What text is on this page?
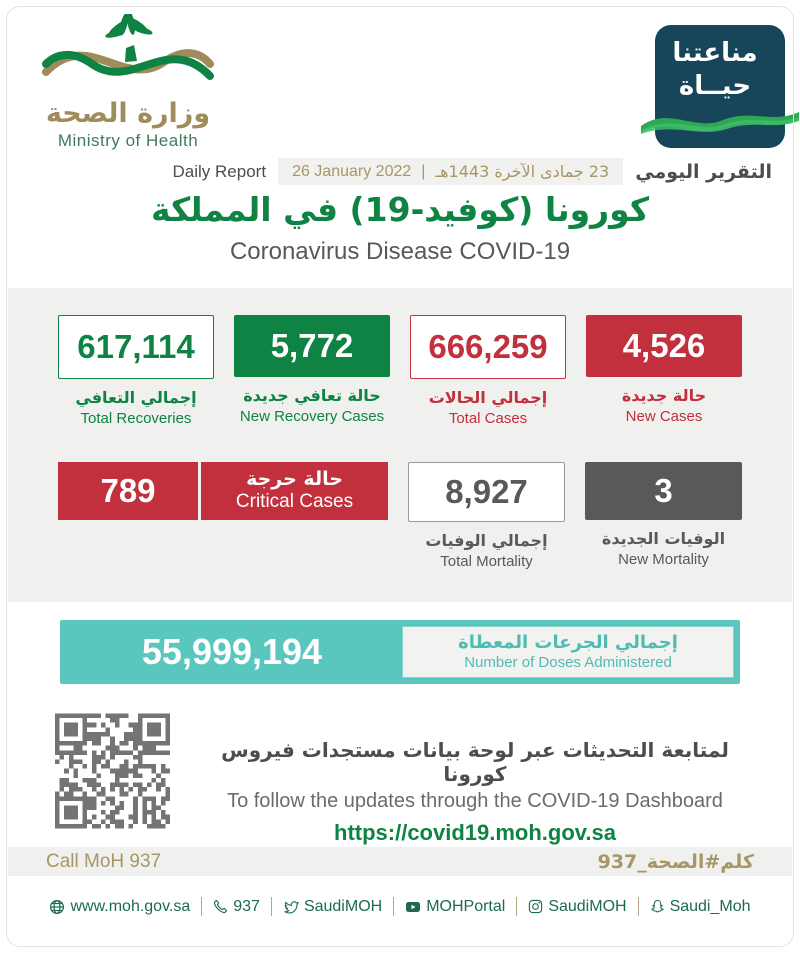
وزارة الصحة
Ministry of Health
مناعتنا
حيــاة
Daily Report 26 January 2022 | 23 جمادى الآخرة 1443هـ التقرير اليومي
كورونا (كوفيد-19) في المملكة
Coronavirus Disease COVID-19
617,114
إجمالي التعافي
Total Recoveries
5,772
حالة تعافي جديدة
New Recovery Cases
666,259
إجمالي الحالات
Total Cases
4,526
حالة جديدة
New Cases
789	حالة حرجة
Critical Cases	8,927
إجمالي الوفيات
Total Mortality
3
الوفيات الجديدة
New Mortality
55,999,194	إجمالي الجرعات المعطاة
Number of Doses Administered
لمتابعة التحديثات عبر لوحة بيانات مستجدات فيروس كورونا
To follow the updates through the COVID-19 Dashboard
https://covid19.moh.gov.sa
Call MoH 937	كلم#الصحة_937
www.moh.gov.sa	937	SaudiMOH	MOHPortal	SaudiMOH	Saudi_Moh
